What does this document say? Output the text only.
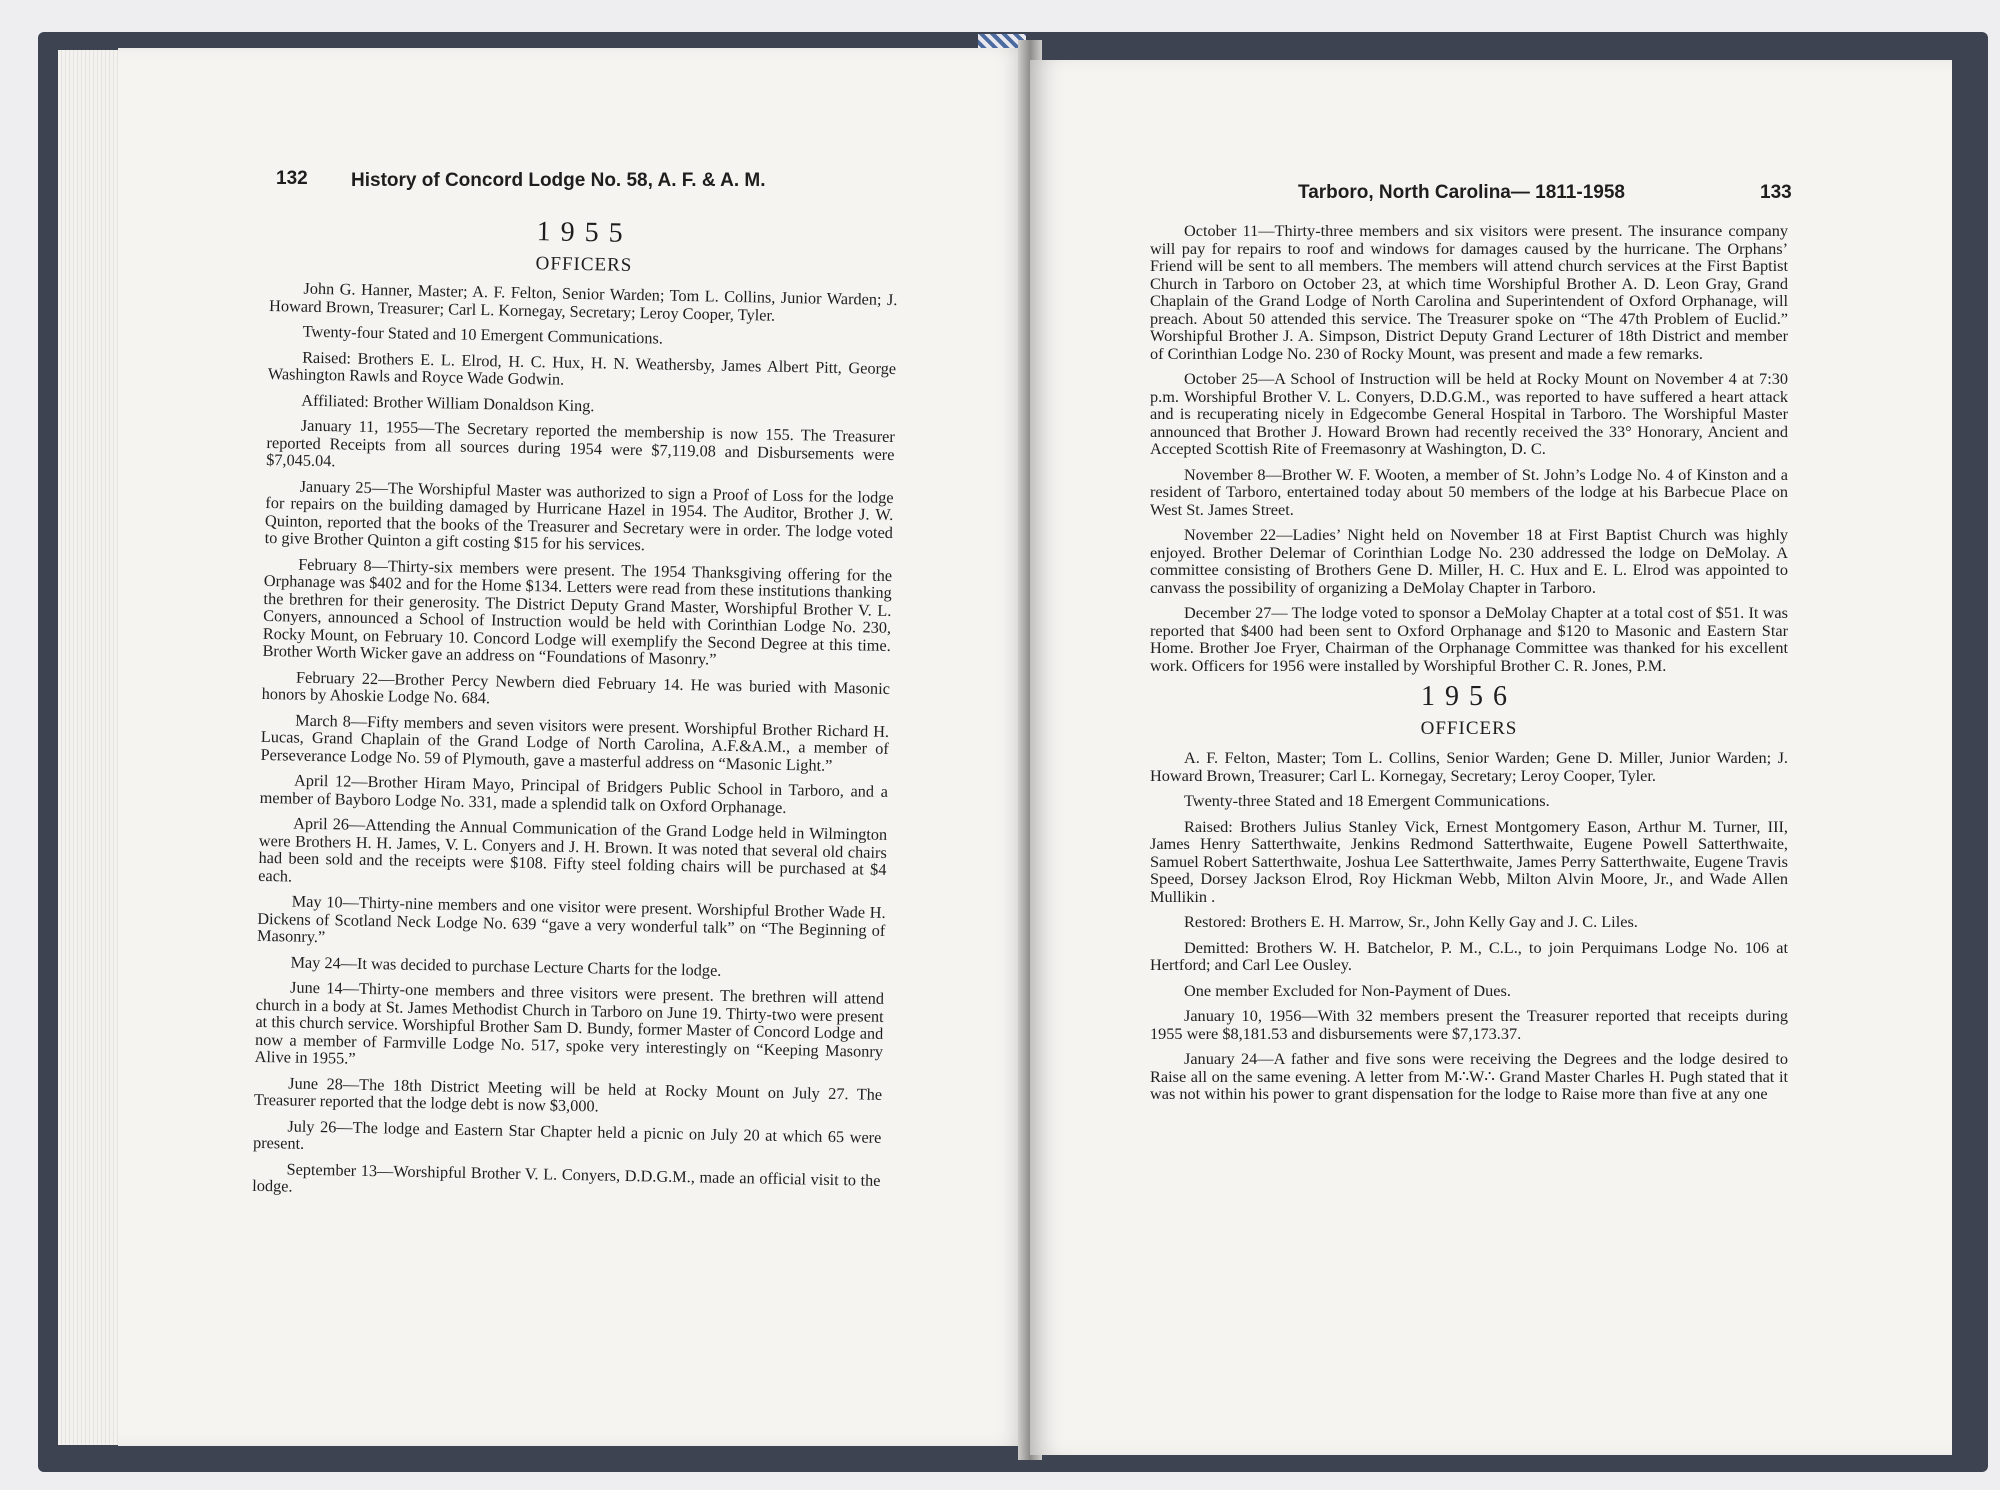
132 History of Concord Lodge No. 58, A. F. & A. M.
1955
OFFICERS

John G. Hanner, Master; A. F. Felton, Senior Warden; Tom L. Collins, Junior Warden; J. Howard Brown, Treasurer; Carl L. Kornegay, Secretary; Leroy Cooper, Tyler.

Twenty-four Stated and 10 Emergent Communications.

Raised: Brothers E. L. Elrod, H. C. Hux, H. N. Weathersby, James Albert Pitt, George Washington Rawls and Royce Wade Godwin.

Affiliated: Brother William Donaldson King.

January 11, 1955—The Secretary reported the membership is now 155. The Treasurer reported Receipts from all sources during 1954 were $7,119.08 and Disbursements were $7,045.04.

January 25—The Worshipful Master was authorized to sign a Proof of Loss for the lodge for repairs on the building damaged by Hurricane Hazel in 1954. The Auditor, Brother J. W. Quinton, reported that the books of the Treasurer and Secretary were in order. The lodge voted to give Brother Quinton a gift costing $15 for his services.

February 8—Thirty-six members were present. The 1954 Thanksgiving offering for the Orphanage was $402 and for the Home $134. Letters were read from these institutions thanking the brethren for their generosity. The District Deputy Grand Master, Worshipful Brother V. L. Conyers, announced a School of Instruction would be held with Corinthian Lodge No. 230, Rocky Mount, on February 10. Concord Lodge will exemplify the Second Degree at this time. Brother Worth Wicker gave an address on “Foundations of Masonry.”

February 22—Brother Percy Newbern died February 14. He was buried with Masonic honors by Ahoskie Lodge No. 684.

March 8—Fifty members and seven visitors were present. Worshipful Brother Richard H. Lucas, Grand Chaplain of the Grand Lodge of North Carolina, A.F.&A.M., a member of Perseverance Lodge No. 59 of Plymouth, gave a masterful address on “Masonic Light.”

April 12—Brother Hiram Mayo, Principal of Bridgers Public School in Tarboro, and a member of Bayboro Lodge No. 331, made a splendid talk on Oxford Orphanage.

April 26—Attending the Annual Communication of the Grand Lodge held in Wilmington were Brothers H. H. James, V. L. Conyers and J. H. Brown. It was noted that several old chairs had been sold and the receipts were $108. Fifty steel folding chairs will be purchased at $4 each.

May 10—Thirty-nine members and one visitor were present. Worshipful Brother Wade H. Dickens of Scotland Neck Lodge No. 639 “gave a very wonderful talk” on “The Beginning of Masonry.”

May 24—It was decided to purchase Lecture Charts for the lodge.

June 14—Thirty-one members and three visitors were present. The brethren will attend church in a body at St. James Methodist Church in Tarboro on June 19. Thirty-two were present at this church service. Worshipful Brother Sam D. Bundy, former Master of Concord Lodge and now a member of Farmville Lodge No. 517, spoke very interestingly on “Keeping Masonry Alive in 1955.”

June 28—The 18th District Meeting will be held at Rocky Mount on July 27. The Treasurer reported that the lodge debt is now $3,000.

July 26—The lodge and Eastern Star Chapter held a picnic on July 20 at which 65 were present.

September 13—Worshipful Brother V. L. Conyers, D.D.G.M., made an official visit to the lodge.

Tarboro, North Carolina— 1811-1958	133

October 11—Thirty-three members and six visitors were present. The insurance company will pay for repairs to roof and windows for damages caused by the hurricane. The Orphans’ Friend will be sent to all members. The members will attend church services at the First Baptist Church in Tarboro on October 23, at which time Worshipful Brother A. D. Leon Gray, Grand Chaplain of the Grand Lodge of North Carolina and Superintendent of Oxford Orphanage, will preach. About 50 attended this service. The Treasurer spoke on “The 47th Problem of Euclid.” Worshipful Brother J. A. Simpson, District Deputy Grand Lecturer of 18th District and member of Corinthian Lodge No. 230 of Rocky Mount, was present and made a few remarks.

October 25—A School of Instruction will be held at Rocky Mount on November 4 at 7:30 p.m. Worshipful Brother V. L. Conyers, D.D.G.M., was reported to have suffered a heart attack and is recuperating nicely in Edgecombe General Hospital in Tarboro. The Worshipful Master announced that Brother J. Howard Brown had recently received the 33° Honorary, Ancient and Accepted Scottish Rite of Freemasonry at Washington, D. C.

November 8—Brother W. F. Wooten, a member of St. John’s Lodge No. 4 of Kinston and a resident of Tarboro, entertained today about 50 members of the lodge at his Barbecue Place on West St. James Street.

November 22—Ladies’ Night held on November 18 at First Baptist Church was highly enjoyed. Brother Delemar of Corinthian Lodge No. 230 addressed the lodge on DeMolay. A committee consisting of Brothers Gene D. Miller, H. C. Hux and E. L. Elrod was appointed to canvass the possibility of organizing a DeMolay Chapter in Tarboro.

December 27— The lodge voted to sponsor a DeMolay Chapter at a total cost of $51. It was reported that $400 had been sent to Oxford Orphanage and $120 to Masonic and Eastern Star Home. Brother Joe Fryer, Chairman of the Orphanage Committee was thanked for his excellent work. Officers for 1956 were installed by Worshipful Brother C. R. Jones, P.M.

1956
OFFICERS

A. F. Felton, Master; Tom L. Collins, Senior Warden; Gene D. Miller, Junior Warden; J. Howard Brown, Treasurer; Carl L. Kornegay, Secretary; Leroy Cooper, Tyler.

Twenty-three Stated and 18 Emergent Communications.

Raised: Brothers Julius Stanley Vick, Ernest Montgomery Eason, Arthur M. Turner, III, James Henry Satterthwaite, Jenkins Redmond Satterthwaite, Eugene Powell Satterthwaite, Samuel Robert Satterthwaite, Joshua Lee Satterthwaite, James Perry Satterthwaite, Eugene Travis Speed, Dorsey Jackson Elrod, Roy Hickman Webb, Milton Alvin Moore, Jr., and Wade Allen Mullikin .

Restored: Brothers E. H. Marrow, Sr., John Kelly Gay and J. C. Liles.

Demitted: Brothers W. H. Batchelor, P. M., C.L., to join Perquimans Lodge No. 106 at Hertford; and Carl Lee Ousley.

One member Excluded for Non-Payment of Dues.

January 10, 1956—With 32 members present the Treasurer reported that receipts during 1955 were $8,181.53 and disbursements were $7,173.37.

January 24—A father and five sons were receiving the Degrees and the lodge desired to Raise all on the same evening. A letter from M∴W∴ Grand Master Charles H. Pugh stated that it was not within his power to grant dispensation for the lodge to Raise more than five at any one
